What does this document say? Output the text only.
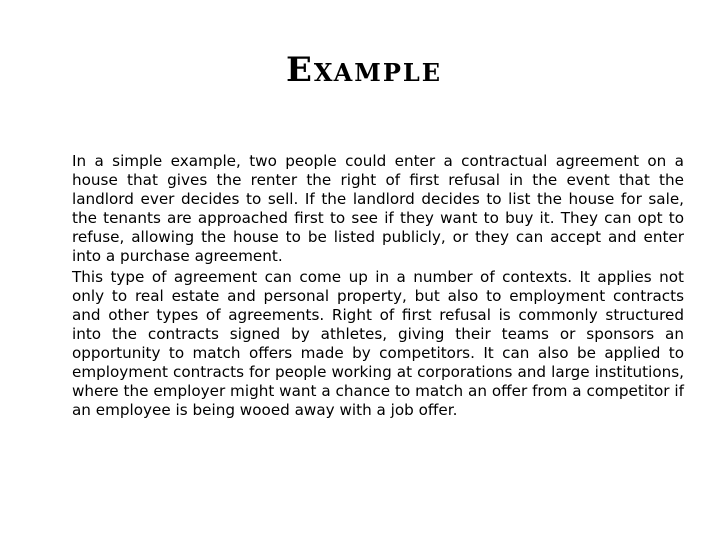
Example

In a simple example, two people could enter a contractual agreement on a house that gives the renter the right of first refusal in the event that the landlord ever decides to sell. If the landlord decides to list the house for sale, the tenants are approached first to see if they want to buy it. They can opt to refuse, allowing the house to be listed publicly, or they can accept and enter into a purchase agreement.

This type of agreement can come up in a number of contexts. It applies not only to real estate and personal property, but also to employment contracts and other types of agreements. Right of first refusal is commonly structured into the contracts signed by athletes, giving their teams or sponsors an opportunity to match offers made by competitors. It can also be applied to employment contracts for people working at corporations and large institutions, where the employer might want a chance to match an offer from a competitor if an employee is being wooed away with a job offer.
